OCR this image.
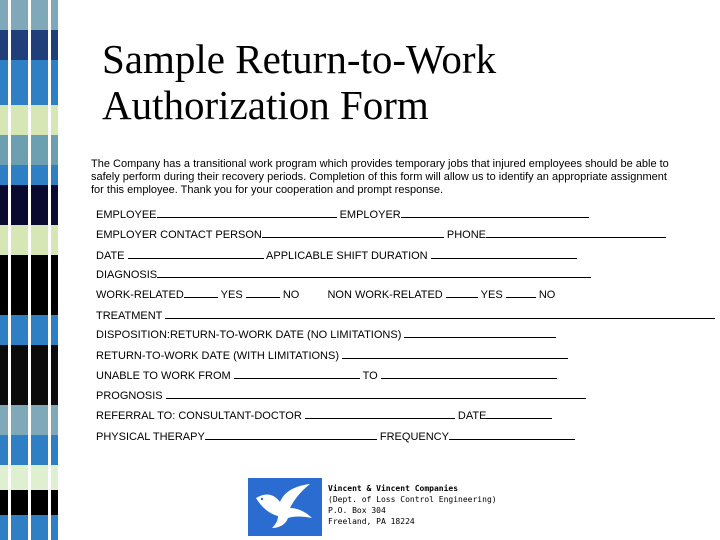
Sample Return-to-Work
Authorization Form
The Company has a transitional work program which provides temporary jobs that injured employees should be able to safely perform during their recovery periods. Completion of this form will allow us to identify an appropriate assignment for this employee. Thank you for your cooperation and prompt response.
EMPLOYEE	EMPLOYER
EMPLOYER CONTACT PERSON	PHONE
DATE	APPLICABLE SHIFT DURATION
DIAGNOSIS
WORK-RELATED	YES	NO	NON WORK-RELATED	YES	NO
TREATMENT
DISPOSITION:RETURN-TO-WORK DATE (NO LIMITATIONS)
RETURN-TO-WORK DATE (WITH LIMITATIONS)
UNABLE TO WORK FROM	TO
PROGNOSIS
REFERRAL TO: CONSULTANT-DOCTOR	DATE
PHYSICAL THERAPY	FREQUENCY
Vincent & Vincent Companies
(Dept. of Loss Control Engineering)
P.O. Box 304
Freeland, PA 18224
